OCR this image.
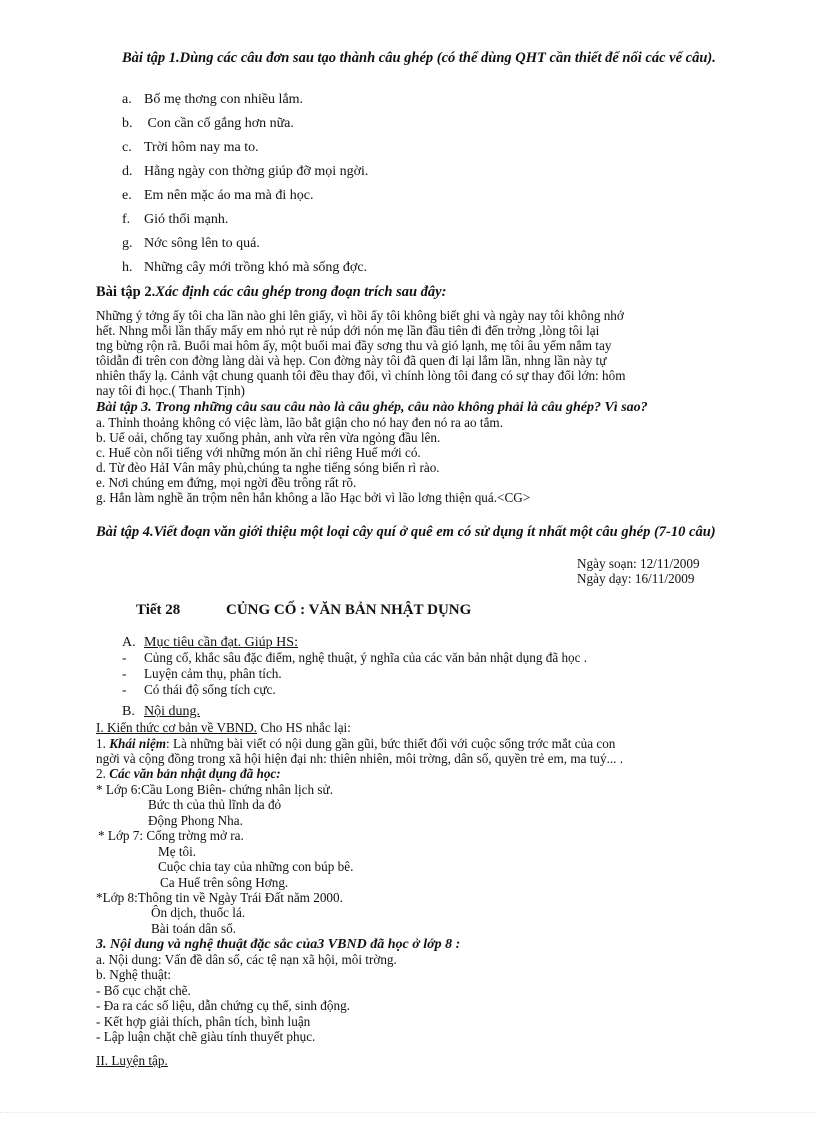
Bài tập 1.Dùng các câu đơn sau tạo thành câu ghép (có thể dùng QHT cần thiết để nối các vế câu).
a. Bố mẹ thơng con nhiều lắm.
b. Con cần cố gắng hơn nữa.
c. Trời hôm nay ma to.
d. Hằng ngày con thờng giúp đỡ mọi ngời.
e. Em nên mặc áo ma mà đi học.
f. Gió thổi mạnh.
g. Nớc sông lên to quá.
h. Những cây mới trồng khó mà sống đợc.
Bài tập 2.Xác định các câu ghép trong đoạn trích sau đây:
Những ý tởng ấy tôi cha lần nào ghi lên giấy, vì hồi ấy tôi không biết ghi và ngày nay tôi không nhớ
hết. Nhng mỗi lần thấy mấy em nhỏ rụt rè núp dới nón mẹ lần đầu tiên đi đến trờng ,lòng tôi lại
tng bừng rộn rã. Buổi mai hôm ấy, một buổi mai đầy sơng thu và gió lạnh, mẹ tôi âu yếm nắm tay
tôidẫn đi trên con đờng làng dài và hẹp. Con đờng này tôi đã quen đi lại lắm lần, nhng lần này tự
nhiên thấy lạ. Cảnh vật chung quanh tôi đều thay đổi, vì chính lòng tôi đang có sự thay đổi lớn: hôm
nay tôi đi học.( Thanh Tịnh)
Bài tập 3. Trong những câu sau câu nào là câu ghép, câu nào không phải là câu ghép? Vì sao?
a. Thỉnh thoảng không có việc làm, lão bắt giận cho nó hay đen nó ra ao tắm.
b. Uể oải, chống tay xuống phản, anh vừa rên vừa ngỏng đầu lên.
c. Huế còn nổi tiếng với những món ăn chỉ riêng Huế mới có.
d. Từ đèo HảI Vân mây phủ,chúng ta nghe tiếng sóng biển rì rào.
e. Nơi chúng em đứng, mọi ngời đều trông rất rõ.
g. Hắn làm nghề ăn trộm nên hắn không a lão Hạc bởi vì lão lơng thiện quá.<CG>
Bài tập 4.Viết đoạn văn giới thiệu một loại cây quí ở quê em có sử dụng ít nhất một câu ghép (7-10 câu)
Ngày soạn: 12/11/2009
Ngày dạy: 16/11/2009
Tiết 28	CỦNG CỐ : VĂN BẢN NHẬT DỤNG
A. Mục tiêu cần đạt. Giúp HS:
- Củng cố, khắc sâu đặc điểm, nghệ thuật, ý nghĩa của các văn bản nhật dụng đã học .
- Luyện cảm thụ, phân tích.
- Có thái độ sống tích cực.
B. Nội dung.
I. Kiến thức cơ bản về VBND. Cho HS nhắc lại:
1. Khái niệm: Là những bài viết có nội dung gần gũi, bức thiết đối với cuộc sống trớc mắt của con
ngời và cộng đồng trong xã hội hiện đại nh: thiên nhiên, môi trờng, dân số, quyền trẻ em, ma tuý... .
2. Các văn bản nhật dụng đã học:
* Lớp 6:Cầu Long Biên- chứng nhân lịch sử.
Bức th của thủ lĩnh da đỏ
Động Phong Nha.
* Lớp 7: Cổng trờng mở ra.
Mẹ tôi.
Cuộc chia tay của những con búp bê.
Ca Huế trên sông Hơng.
*Lớp 8:Thông tin về Ngày Trái Đất năm 2000.
Ôn dịch, thuốc lá.
Bài toán dân số.
3. Nội dung và nghệ thuật đặc sắc của3 VBND đã học ở lớp 8 :
a. Nội dung: Vấn đề dân số, các tệ nạn xã hội, môi trờng.
b. Nghệ thuật:
- Bố cục chặt chẽ.
- Đa ra các số liệu, dẫn chứng cụ thể, sinh động.
- Kết hợp giải thích, phân tích, bình luận
- Lập luận chặt chẽ giàu tính thuyết phục.
II. Luyện tập.
